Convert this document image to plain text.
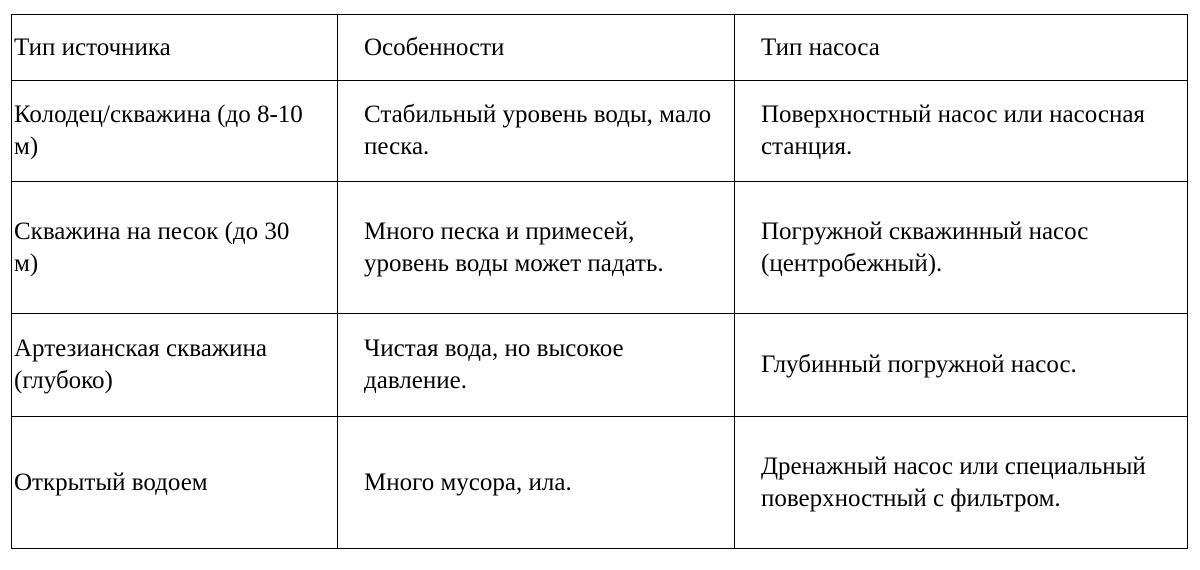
Тип источника	Особенности	Тип насоса
Колодец/скважина (до 8-10 м)	Стабильный уровень воды, мало песка.	Поверхностный насос или насосная станция.
Скважина на песок (до 30 м)	Много песка и примесей, уровень воды может падать.	Погружной скважинный насос (центробежный).
Артезианская скважина (глубоко)	Чистая вода, но высокое давление.	Глубинный погружной насос.
Открытый водоем	Много мусора, ила.	Дренажный насос или специальный поверхностный с фильтром.
